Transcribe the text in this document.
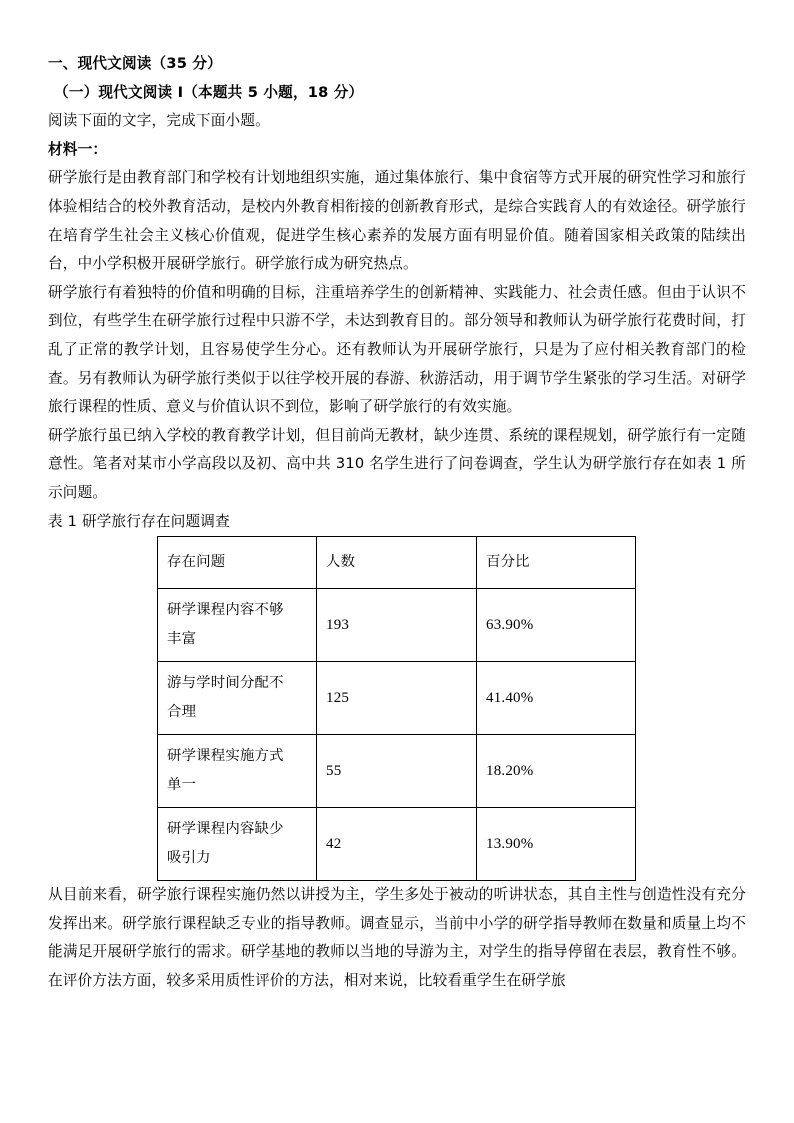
一、现代文阅读（35 分）

（一）现代文阅读 Ⅰ（本题共 5 小题，18 分）

阅读下面的文字，完成下面小题。

材料一：

研学旅行是由教育部门和学校有计划地组织实施，通过集体旅行、集中食宿等方式开展的研究性学习和旅行体验相结合的校外教育活动，是校内外教育相衔接的创新教育形式，是综合实践育人的有效途径。研学旅行在培育学生社会主义核心价值观，促进学生核心素养的发展方面有明显价值。随着国家相关政策的陆续出台，中小学积极开展研学旅行。研学旅行成为研究热点。

研学旅行有着独特的价值和明确的目标，注重培养学生的创新精神、实践能力、社会责任感。但由于认识不到位，有些学生在研学旅行过程中只游不学，未达到教育目的。部分领导和教师认为研学旅行花费时间，打乱了正常的教学计划，且容易使学生分心。还有教师认为开展研学旅行，只是为了应付相关教育部门的检查。另有教师认为研学旅行类似于以往学校开展的春游、秋游活动，用于调节学生紧张的学习生活。对研学旅行课程的性质、意义与价值认识不到位，影响了研学旅行的有效实施。

研学旅行虽已纳入学校的教育教学计划，但目前尚无教材，缺少连贯、系统的课程规划，研学旅行有一定随意性。笔者对某市小学高段以及初、高中共 310 名学生进行了问卷调查，学生认为研学旅行存在如表 1 所示问题。

表 1 研学旅行存在问题调查

存在问题	人数	百分比
研学课程内容不够
丰富	193	63.90%
游与学时间分配不
合理	125	41.40%
研学课程实施方式
单一	55	18.20%
研学课程内容缺少
吸引力	42	13.90%

从目前来看，研学旅行课程实施仍然以讲授为主，学生多处于被动的听讲状态，其自主性与创造性没有充分发挥出来。研学旅行课程缺乏专业的指导教师。调查显示，当前中小学的研学指导教师在数量和质量上均不能满足开展研学旅行的需求。研学基地的教师以当地的导游为主，对学生的指导停留在表层，教育性不够。在评价方法方面，较多采用质性评价的方法，相对来说，比较看重学生在研学旅
